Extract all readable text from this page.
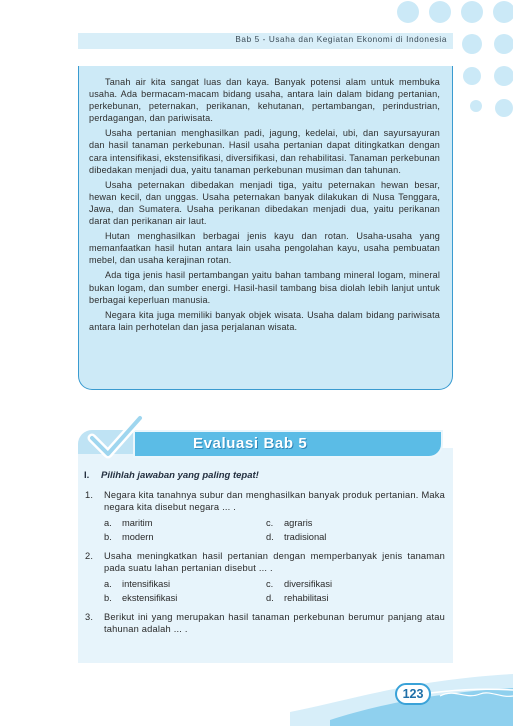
Bab 5 - Usaha dan Kegiatan Ekonomi di Indonesia

Tanah air kita sangat luas dan kaya. Banyak potensi alam untuk membuka usaha. Ada bermacam-macam bidang usaha, antara lain dalam bidang pertanian, perkebunan, peternakan, perikanan, kehutanan, pertambangan, perindustrian, perdagangan, dan pariwisata.

Usaha pertanian menghasilkan padi, jagung, kedelai, ubi, dan sayursayuran dan hasil tanaman perkebunan. Hasil usaha pertanian dapat ditingkatkan dengan cara intensifikasi, ekstensifikasi, diversifikasi, dan rehabilitasi. Tanaman perkebunan dibedakan menjadi dua, yaitu tanaman perkebunan musiman dan tahunan.

Usaha peternakan dibedakan menjadi tiga, yaitu peternakan hewan besar, hewan kecil, dan unggas. Usaha peternakan banyak dilakukan di Nusa Tenggara, Jawa, dan Sumatera. Usaha perikanan dibedakan menjadi dua, yaitu perikanan darat dan perikanan air laut.

Hutan menghasilkan berbagai jenis kayu dan rotan. Usaha-usaha yang memanfaatkan hasil hutan antara lain usaha pengolahan kayu, usaha pembuatan mebel, dan usaha kerajinan rotan.

Ada tiga jenis hasil pertambangan yaitu bahan tambang mineral logam, mineral bukan logam, dan sumber energi. Hasil-hasil tambang bisa diolah lebih lanjut untuk berbagai keperluan manusia.

Negara kita juga memiliki banyak objek wisata. Usaha dalam bidang pariwisata antara lain perhotelan dan jasa perjalanan wisata.

Evaluasi Bab 5
I. Pilihlah jawaban yang paling tepat!
1. Negara kita tanahnya subur dan menghasilkan banyak produk pertanian. Maka negara kita disebut negara ... .
a.	maritim	c.	agraris
b.	modern	d.	tradisional
2. Usaha meningkatkan hasil pertanian dengan memperbanyak jenis tanaman pada suatu lahan pertanian disebut ... .
a.	intensifikasi	c.	diversifikasi
b.	ekstensifikasi	d.	rehabilitasi
3. Berikut ini yang merupakan hasil tanaman perkebunan berumur panjang atau tahunan adalah ... .
123
